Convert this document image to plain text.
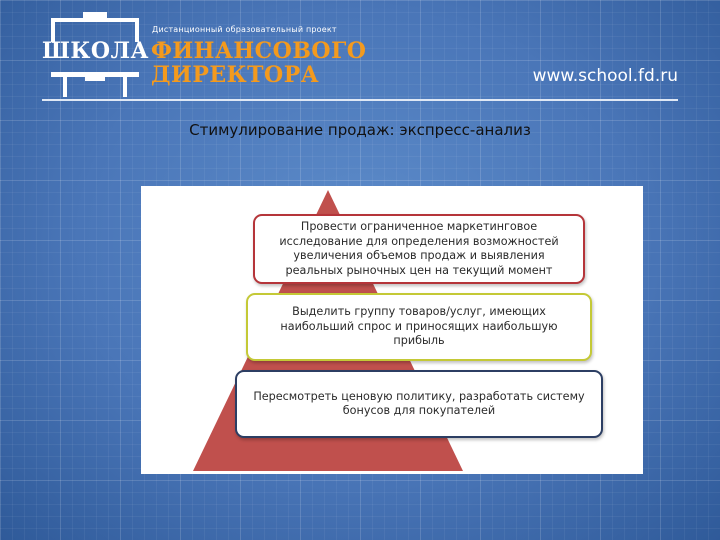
Дистанционный образовательный проект
ШКОЛА ФИНАНСОВОГО
ДИРЕКТОРА	www.school.fd.ru
Стимулирование продаж: экспресс-анализ
Провести ограниченное маркетинговое исследование для определения возможностей увеличения объемов продаж и выявления реальных рыночных цен на текущий момент
Выделить группу товаров/услуг, имеющих наибольший спрос и приносящих наибольшую прибыль
Пересмотреть ценовую политику, разработать систему бонусов для покупателей
